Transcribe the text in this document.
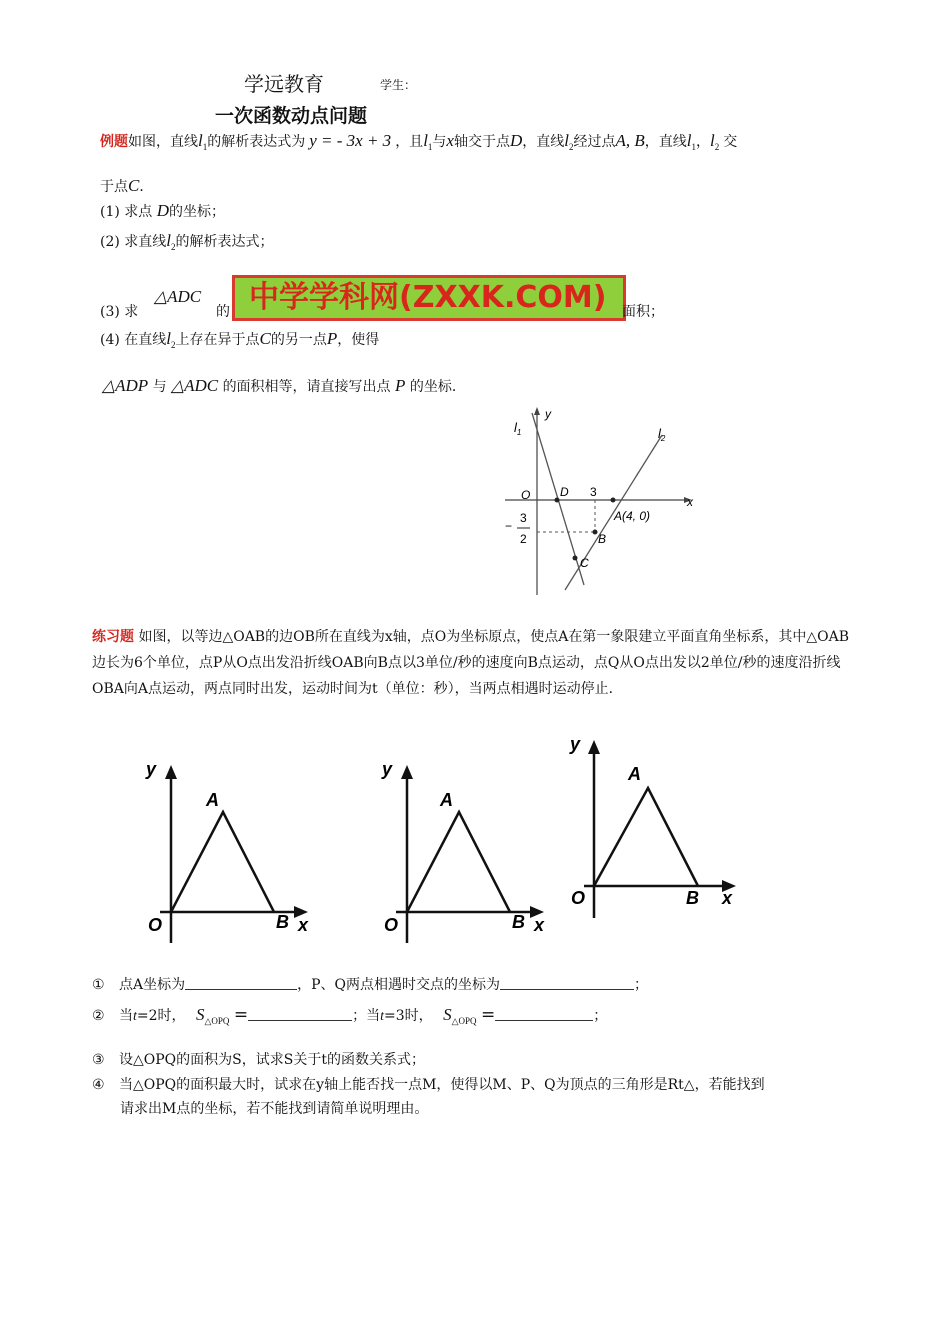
学远教育	学生：
一次函数动点问题
例题如图，直线$l_1$的解析表达式为 y = - 3x + 3 ，且$l_1$与x轴交于点D，直线$l_2$经过点A, B，直线$l_1$，$l_2$ 交
于点C．
(1) 求点 D的坐标；
(2) 求直线$l_2$的解析表达式；
(3) 求
△ADC
的 中学学科网(ZXXK.COM)	面积；
(4) 在直线$l_2$上存在异于点C的另一点P，使得
△ADP 与 △ADC 的面积相等，请直接写出点 P 的坐标．
$l_1$	$l_2$
y
x
O D 3
A(4, 0)
B
C
−
3
2
练习题 如图，以等边△OAB的边OB所在直线为x轴，点O为坐标原点，使点A在第一象限建立平面直角坐标系，其中△OAB边长为6个单位，点P从O点出发沿折线OAB向B点以3单位/秒的速度向B点运动，点Q从O点出发以2单位/秒的速度沿折线OBA向A点运动，两点同时出发，运动时间为t（单位：秒），当两点相遇时运动停止．
y
A
O	B x
y
A
O	B x
y
A
O	B x
① 点A坐标为	，P、Q两点相遇时交点的坐标为	；
② 当t=2时， $S_{\triangle OPQ}$ =	；当t=3时， $S_{\triangle OPQ}$ =	；
③ 设△OPQ的面积为S，试求S关于t的函数关系式；
④ 当△OPQ的面积最大时，试求在y轴上能否找一点M，使得以M、P、Q为顶点的三角形是Rt△，若能找到
请求出M点的坐标，若不能找到请简单说明理由。
